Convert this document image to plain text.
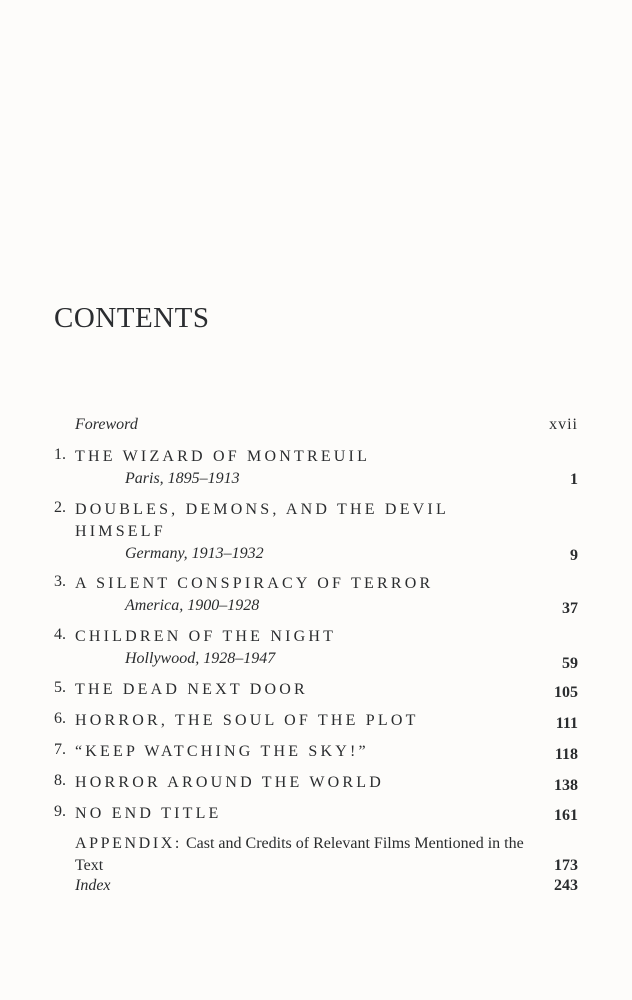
CONTENTS
Foreword	xvii
1. THE WIZARD OF MONTREUIL
Paris, 1895–1913	1
2. DOUBLES, DEMONS, AND THE DEVIL HIMSELF
Germany, 1913–1932	9
3. A SILENT CONSPIRACY OF TERROR
America, 1900–1928	37
4. CHILDREN OF THE NIGHT
Hollywood, 1928–1947	59
5. THE DEAD NEXT DOOR	105
6. HORROR, THE SOUL OF THE PLOT	111
7. “KEEP WATCHING THE SKY!”	118
8. HORROR AROUND THE WORLD	138
9. NO END TITLE	161
APPENDIX: Cast and Credits of Relevant Films Mentioned in the Text	173
Index	243
